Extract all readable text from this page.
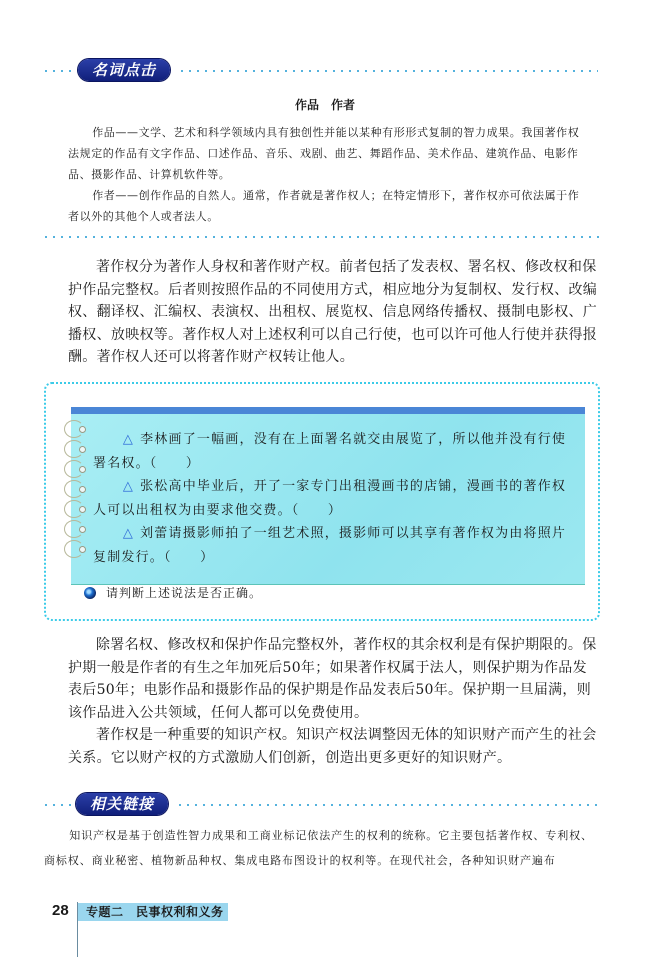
名词点击
作品　作者

作品——文学、艺术和科学领域内具有独创性并能以某种有形形式复制的智力成果。我国著作权法规定的作品有文字作品、口述作品、音乐、戏剧、曲艺、舞蹈作品、美术作品、建筑作品、电影作品、摄影作品、计算机软件等。

作者——创作作品的自然人。通常，作者就是著作权人；在特定情形下，著作权亦可依法属于作者以外的其他个人或者法人。

著作权分为著作人身权和著作财产权。前者包括了发表权、署名权、修改权和保护作品完整权。后者则按照作品的不同使用方式，相应地分为复制权、发行权、改编权、翻译权、汇编权、表演权、出租权、展览权、信息网络传播权、摄制电影权、广播权、放映权等。著作权人对上述权利可以自己行使，也可以许可他人行使并获得报酬。著作权人还可以将著作财产权转让他人。

△ 李林画了一幅画，没有在上面署名就交由展览了，所以他并没有行使署名权。（　　）

△ 张松高中毕业后，开了一家专门出租漫画书的店铺，漫画书的著作权人可以出租权为由要求他交费。（　　）

△ 刘蕾请摄影师拍了一组艺术照，摄影师可以其享有著作权为由将照片复制发行。（　　）

请判断上述说法是否正确。

除署名权、修改权和保护作品完整权外，著作权的其余权利是有保护期限的。保护期一般是作者的有生之年加死后50年；如果著作权属于法人，则保护期为作品发表后50年；电影作品和摄影作品的保护期是作品发表后50年。保护期一旦届满，则该作品进入公共领域，任何人都可以免费使用。

著作权是一种重要的知识产权。知识产权法调整因无体的知识财产而产生的社会关系。它以财产权的方式激励人们创新，创造出更多更好的知识财产。

相关链接

知识产权是基于创造性智力成果和工商业标记依法产生的权利的统称。它主要包括著作权、专利权、商标权、商业秘密、植物新品种权、集成电路布图设计的权利等。在现代社会，各种知识财产遍布

28	专题二　民事权利和义务
